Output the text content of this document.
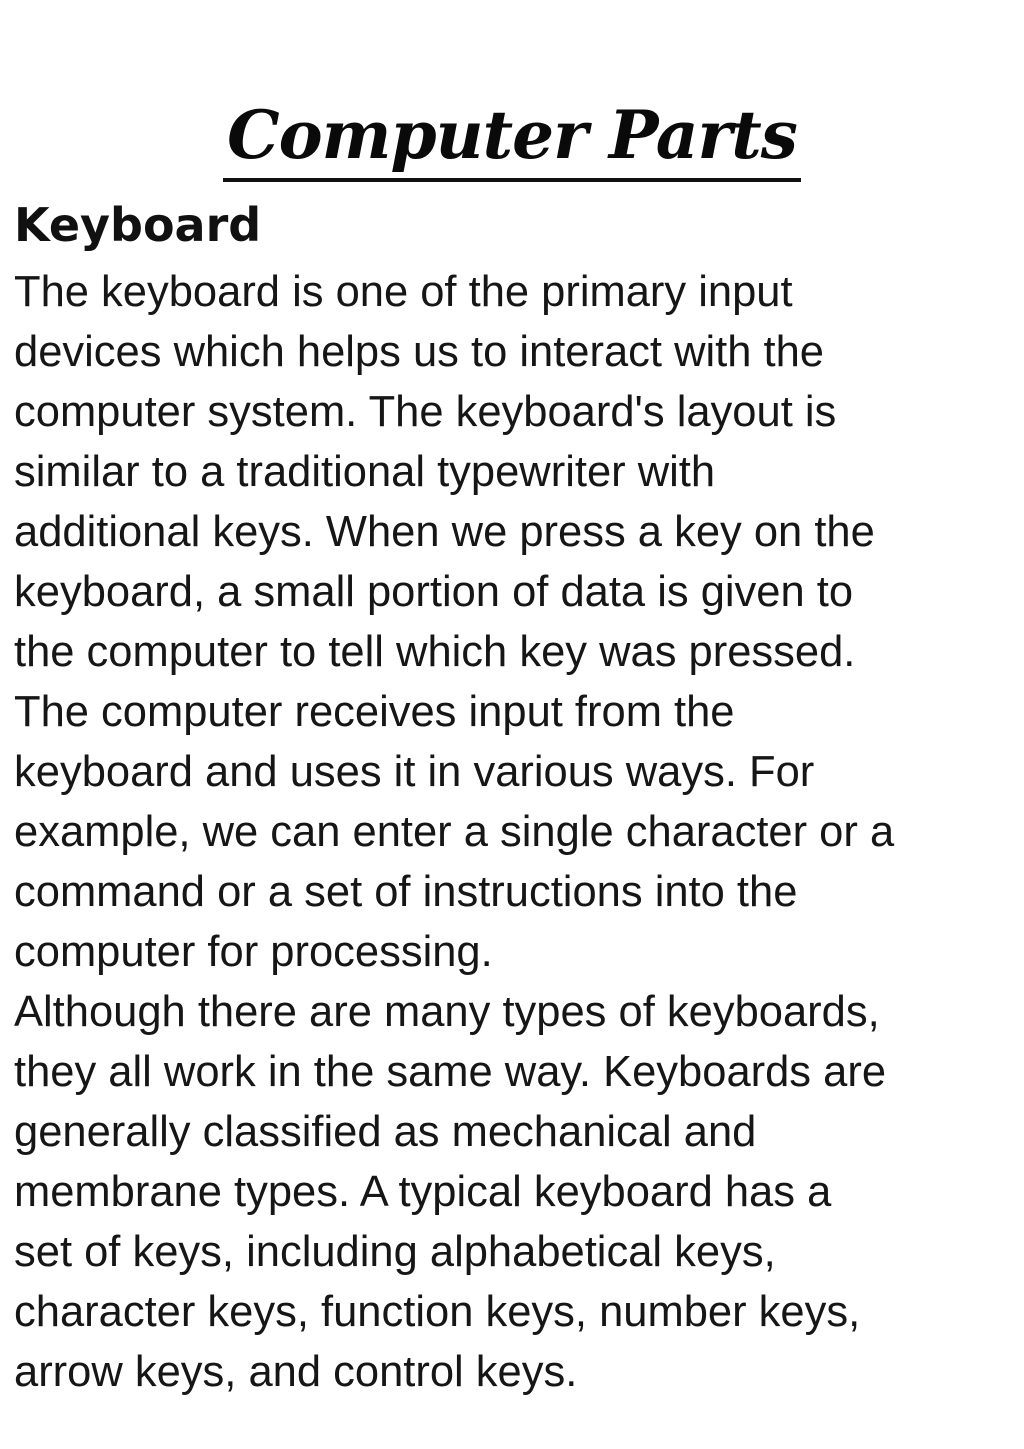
Computer Parts
Keyboard
The keyboard is one of the primary input
devices which helps us to interact with the
computer system. The keyboard's layout is
similar to a traditional typewriter with
additional keys. When we press a key on the
keyboard, a small portion of data is given to
the computer to tell which key was pressed.
The computer receives input from the
keyboard and uses it in various ways. For
example, we can enter a single character or a
command or a set of instructions into the
computer for processing.
Although there are many types of keyboards,
they all work in the same way. Keyboards are
generally classified as mechanical and
membrane types. A typical keyboard has a
set of keys, including alphabetical keys,
character keys, function keys, number keys,
arrow keys, and control keys.
